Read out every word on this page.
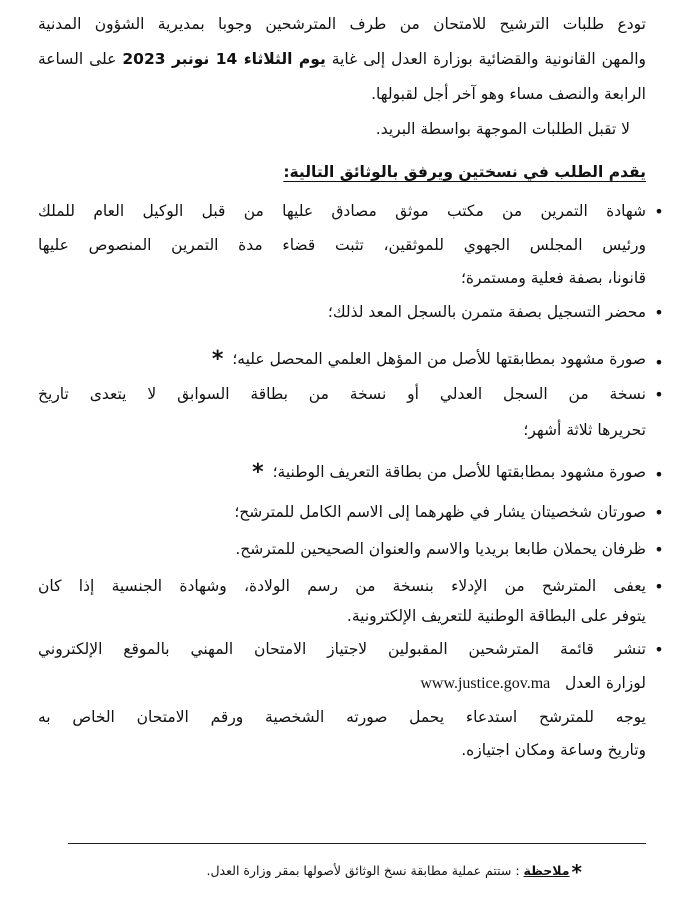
تودع طلبات الترشيح للامتحان من طرف المترشحين وجوبا بمديرية الشؤون المدنية
والمهن القانونية والقضائية بوزارة العدل إلى غاية يوم الثلاثاء 14 نونبر 2023 على الساعة
الرابعة والنصف مساء وهو آخر أجل لقبولها.
لا تقبل الطلبات الموجهة بواسطة البريد.
يقدم الطلب في نسختين ويرفق بالوثائق التالية:
•
شهادة التمرين من مكتب موثق مصادق عليها من قبل الوكيل العام للملك
ورئيس المجلس الجهوي للموثقين، تثبت قضاء مدة التمرين المنصوص عليها
قانونا، بصفة فعلية ومستمرة؛
•
محضر التسجيل بصفة متمرن بالسجل المعد لذلك؛
•
صورة مشهود بمطابقتها للأصل من المؤهل العلمي المحصل عليه؛ *
•
نسخة من السجل العدلي أو نسخة من بطاقة السوابق لا يتعدى تاريخ
تحريرها ثلاثة أشهر؛
•
صورة مشهود بمطابقتها للأصل من بطاقة التعريف الوطنية؛ *
•
صورتان شخصيتان يشار في ظهرهما إلى الاسم الكامل للمترشح؛
•
ظرفان يحملان طابعا بريديا والاسم والعنوان الصحيحين للمترشح.
•
يعفى المترشح من الإدلاء بنسخة من رسم الولادة، وشهادة الجنسية إذا كان
يتوفر على البطاقة الوطنية للتعريف الإلكترونية.
•
تنشر قائمة المترشحين المقبولين لاجتياز الامتحان المهني بالموقع الإلكتروني
لوزارة العدل   www.justice.gov.ma
يوجه للمترشح استدعاء يحمل صورته الشخصية ورقم الامتحان الخاص به
وتاريخ وساعة ومكان اجتيازه.
*ملاحظة : ستتم عملية مطابقة نسخ الوثائق لأصولها بمقر وزارة العدل.
